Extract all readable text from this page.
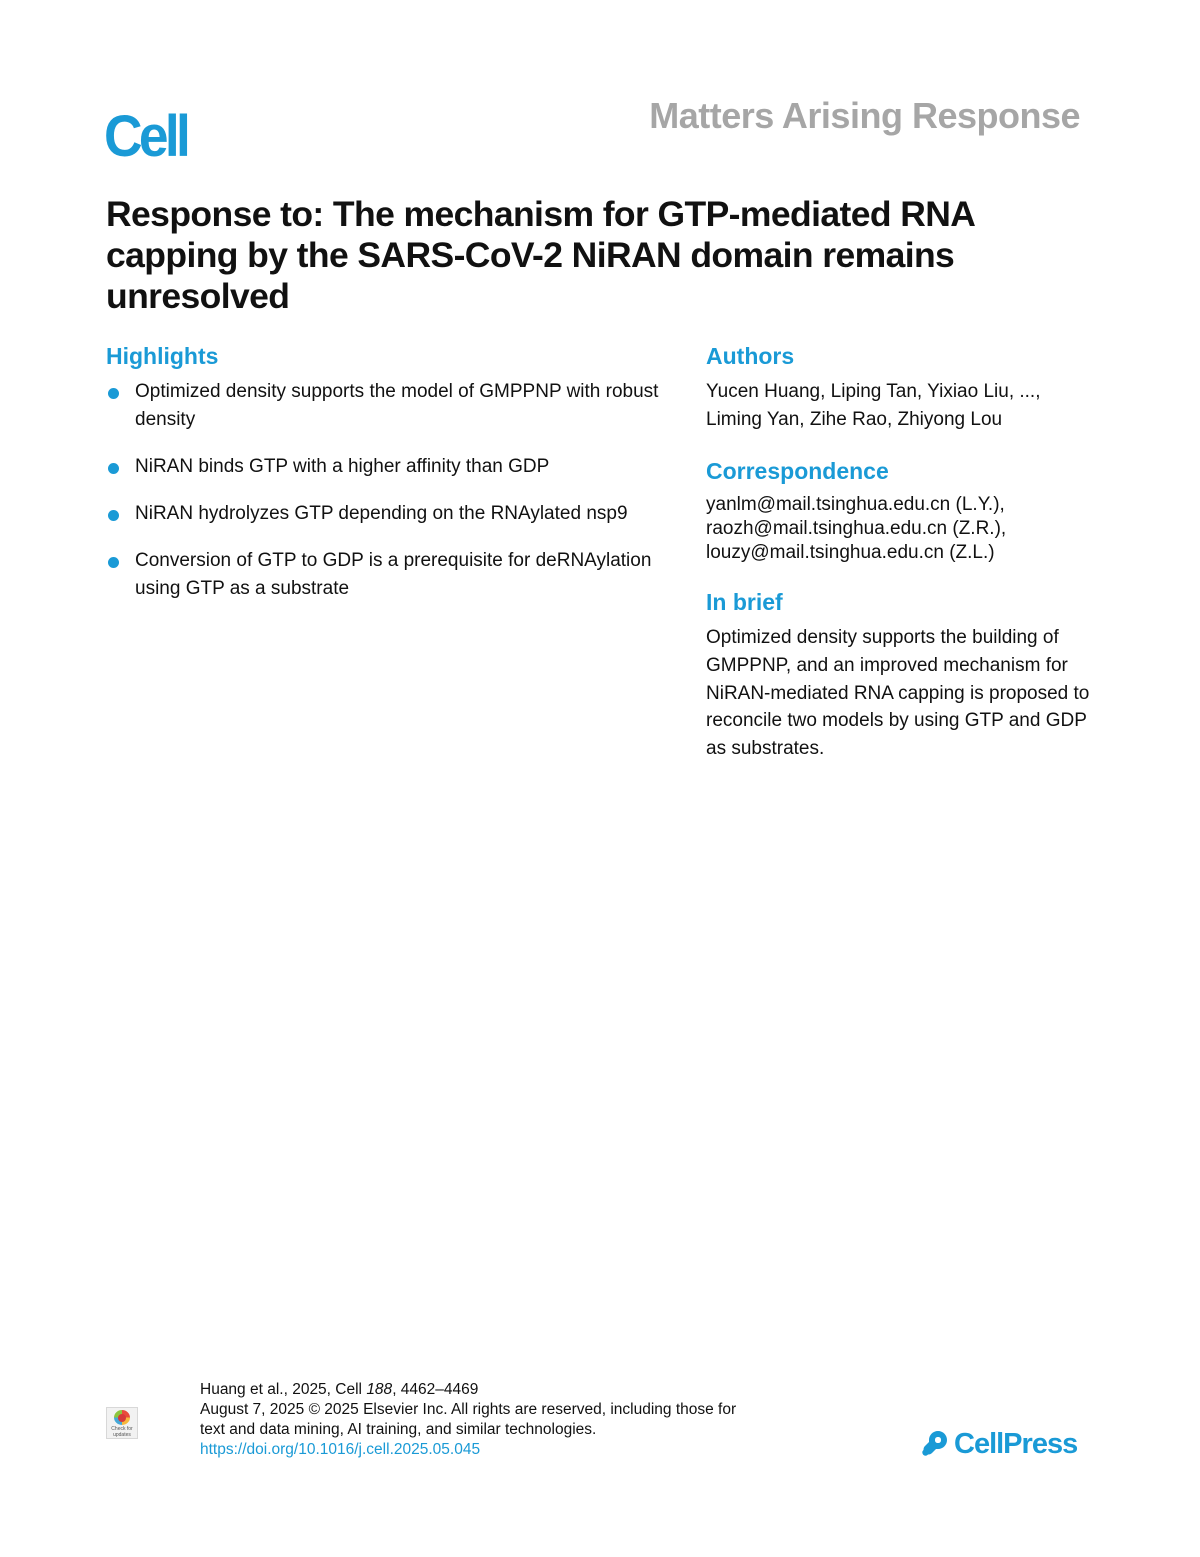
Cell	Matters Arising Response
Response to: The mechanism for GTP-mediated RNA capping by the SARS-CoV-2 NiRAN domain remains unresolved
Highlights
Optimized density supports the model of GMPPNP with robust density
NiRAN binds GTP with a higher affinity than GDP
NiRAN hydrolyzes GTP depending on the RNAylated nsp9
Conversion of GTP to GDP is a prerequisite for deRNAylation using GTP as a substrate
Authors

Yucen Huang, Liping Tan, Yixiao Liu, ..., Liming Yan, Zihe Rao, Zhiyong Lou

Correspondence
yanlm@mail.tsinghua.edu.cn (L.Y.),
raozh@mail.tsinghua.edu.cn (Z.R.),
louzy@mail.tsinghua.edu.cn (Z.L.)
In brief

Optimized density supports the building of GMPPNP, and an improved mechanism for NiRAN-mediated RNA capping is proposed to reconcile two models by using GTP and GDP as substrates.

Check for updates
Huang et al., 2025, Cell 188, 4462–4469
August 7, 2025 © 2025 Elsevier Inc. All rights are reserved, including those for
text and data mining, AI training, and similar technologies.
https://doi.org/10.1016/j.cell.2025.05.045	CellPress
